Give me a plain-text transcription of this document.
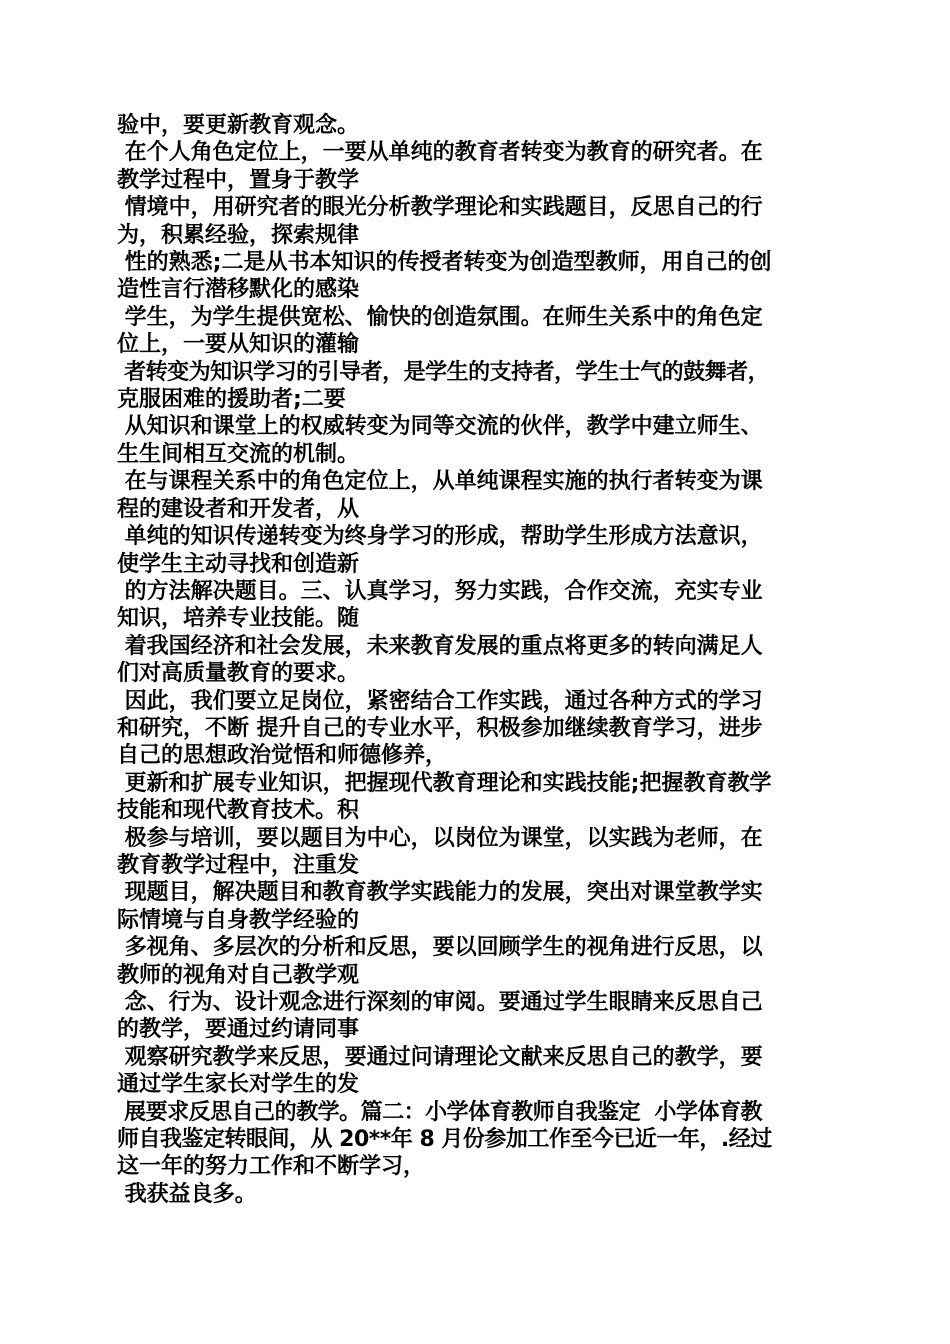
验中，要更新教育观念。
在个人角色定位上，一要从单纯的教育者转变为教育的研究者。在
教学过程中，置身于教学
情境中，用研究者的眼光分析教学理论和实践题目，反思自己的行
为，积累经验，探索规律
性的熟悉;二是从书本知识的传授者转变为创造型教师，用自己的创
造性言行潜移默化的感染
学生，为学生提供宽松、愉快的创造氛围。在师生关系中的角色定
位上，一要从知识的灌输
者转变为知识学习的引导者，是学生的支持者，学生士气的鼓舞者，
克服困难的援助者;二要
从知识和课堂上的权威转变为同等交流的伙伴，教学中建立师生、
生生间相互交流的机制。
在与课程关系中的角色定位上，从单纯课程实施的执行者转变为课
程的建设者和开发者，从
单纯的知识传递转变为终身学习的形成，帮助学生形成方法意识，
使学生主动寻找和创造新
的方法解决题目。三、认真学习，努力实践，合作交流，充实专业
知识，培养专业技能。随
着我国经济和社会发展，未来教育发展的重点将更多的转向满足人
们对高质量教育的要求。
因此，我们要立足岗位，紧密结合工作实践，通过各种方式的学习
和研究，不断 提升自己的专业水平，积极参加继续教育学习，进步
自己的思想政治觉悟和师德修养，
更新和扩展专业知识，把握现代教育理论和实践技能;把握教育教学
技能和现代教育技术。积
极参与培训，要以题目为中心，以岗位为课堂，以实践为老师，在
教育教学过程中，注重发
现题目，解决题目和教育教学实践能力的发展，突出对课堂教学实
际情境与自身教学经验的
多视角、多层次的分析和反思，要以回顾学生的视角进行反思，以
教师的视角对自己教学观
念、行为、设计观念进行深刻的审阅。要通过学生眼睛来反思自己
的教学，要通过约请同事
观察研究教学来反思，要通过问请理论文献来反思自己的教学，要
通过学生家长对学生的发
展要求反思自己的教学。篇二：小学体育教师自我鉴定  小学体育教
师自我鉴定转眼间，从 20**年 8 月份参加工作至今已近一年，.经过
这一年的努力工作和不断学习，
我获益良多。
